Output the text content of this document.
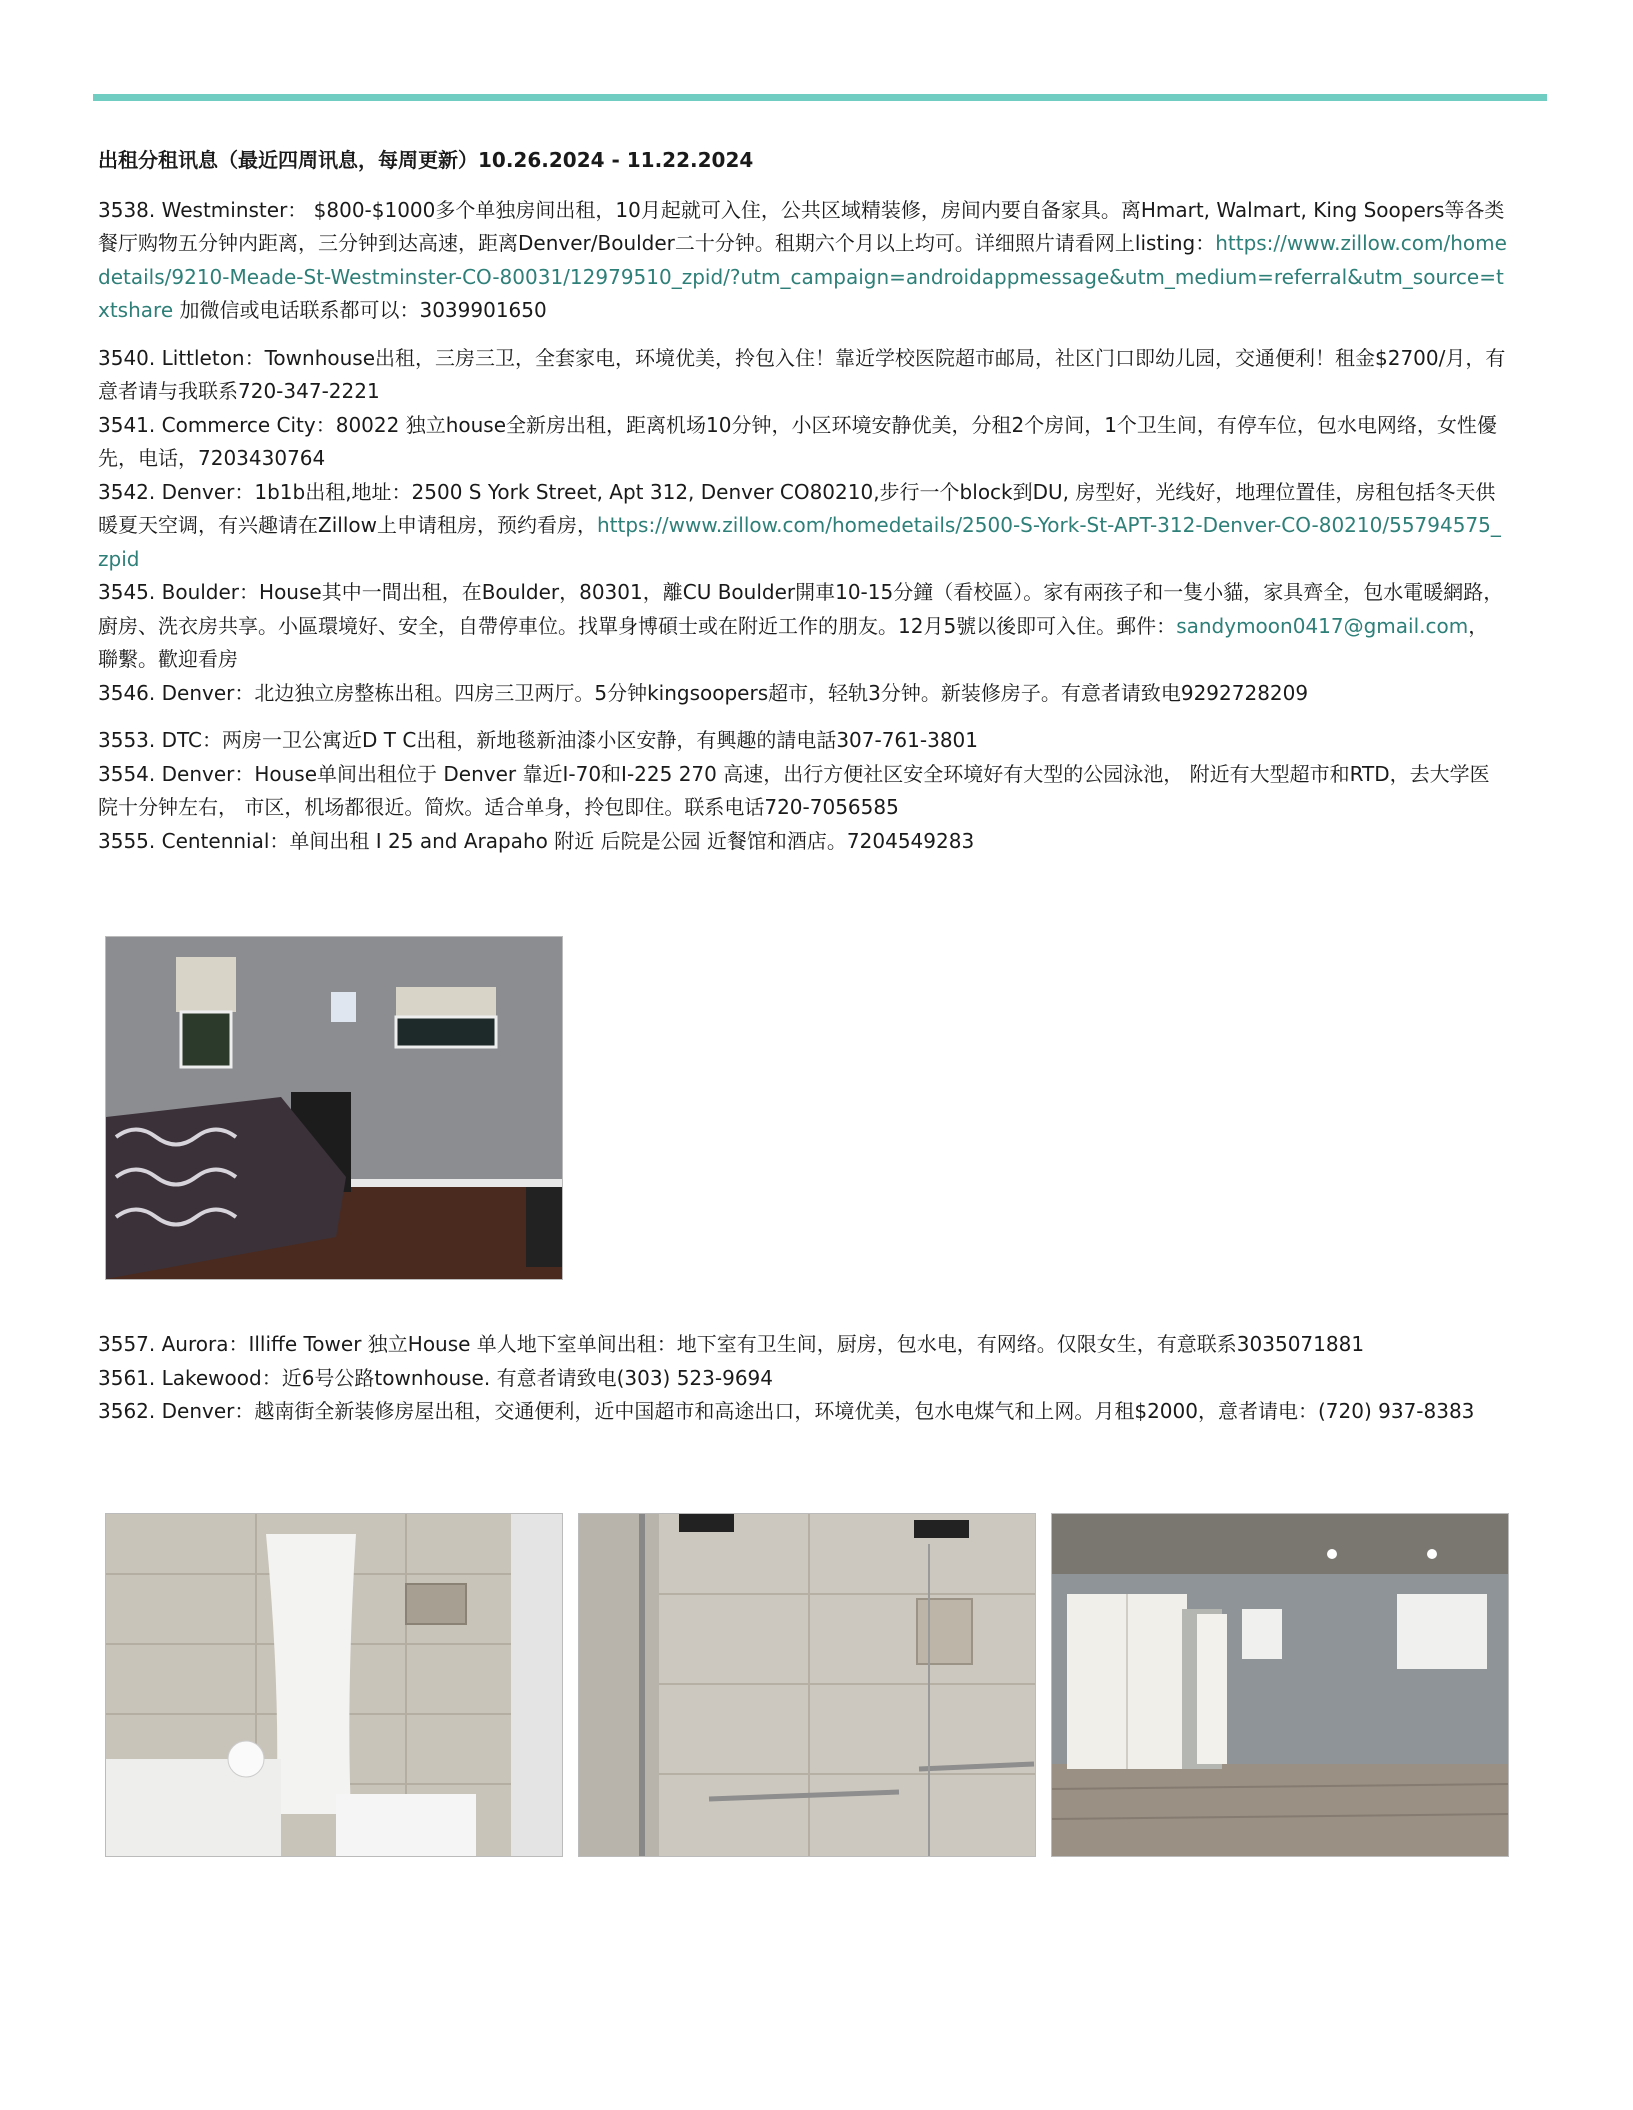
出租分租讯息（最近四周讯息，每周更新）10.26.2024 - 11.22.2024

3538. Westminster： $800-$1000多个单独房间出租，10月起就可入住，公共区域精装修，房间内要自备家具。离Hmart, Walmart, King Soopers等各类餐厅购物五分钟内距离，三分钟到达高速，距离Denver/Boulder二十分钟。租期六个月以上均可。详细照片请看网上listing：https://www.zillow.com/homedetails/9210-Meade-St-Westminster-CO-80031/12979510_zpid/?utm_campaign=androidappmessage&utm_medium=referral&utm_source=txtshare 加微信或电话联系都可以：3039901650

3540. Littleton：Townhouse出租，三房三卫，全套家电，环境优美，拎包入住！靠近学校医院超市邮局，社区门口即幼儿园，交通便利！租金$2700/月，有意者请与我联系720-347-2221

3541. Commerce City：80022 独立house全新房出租，距离机场10分钟，小区环境安静优美，分租2个房间，1个卫生间，有停车位，包水电网络，女性優先，电话，7203430764

3542. Denver：1b1b出租,地址：2500 S York Street, Apt 312, Denver CO80210,步行一个block到DU, 房型好，光线好，地理位置佳，房租包括冬天供暖夏天空调，有兴趣请在Zillow上申请租房，预约看房，https://www.zillow.com/homedetails/2500-S-York-St-APT-312-Denver-CO-80210/55794575_zpid

3545. Boulder：House其中一間出租，在Boulder，80301，離CU Boulder開車10-15分鐘（看校區）。家有兩孩子和一隻小貓，家具齊全，包水電暖網路，廚房、洗衣房共享。小區環境好、安全，自帶停車位。找單身博碩士或在附近工作的朋友。12月5號以後即可入住。郵件：sandymoon0417@gmail.com，聯繫。歡迎看房

3546. Denver：北边独立房整栋出租。四房三卫两厅。5分钟kingsoopers超市，轻轨3分钟。新装修房子。有意者请致电9292728209

3553. DTC：两房一卫公寓近D T C出租，新地毯新油漆小区安静，有興趣的請电話307-761-3801

3554. Denver：House单间出租位于 Denver 靠近I-70和I-225 270 高速，出行方便社区安全环境好有大型的公园泳池， 附近有大型超市和RTD，去大学医院十分钟左右， 市区，机场都很近。简炊。适合单身，拎包即住。联系电话720-7056585

3555. Centennial：单间出租 I 25 and Arapaho 附近 后院是公园 近餐馆和酒店。7204549283

3557. Aurora：Illiffe Tower 独立House 单人地下室单间出租：地下室有卫生间，厨房，包水电，有网络。仅限女生，有意联系3035071881

3561. Lakewood：近6号公路townhouse. 有意者请致电(303) 523-9694

3562. Denver：越南街全新装修房屋出租，交通便利，近中国超市和高途出口，环境优美，包水电煤气和上网。月租$2000，意者请电：(720) 937-8383
